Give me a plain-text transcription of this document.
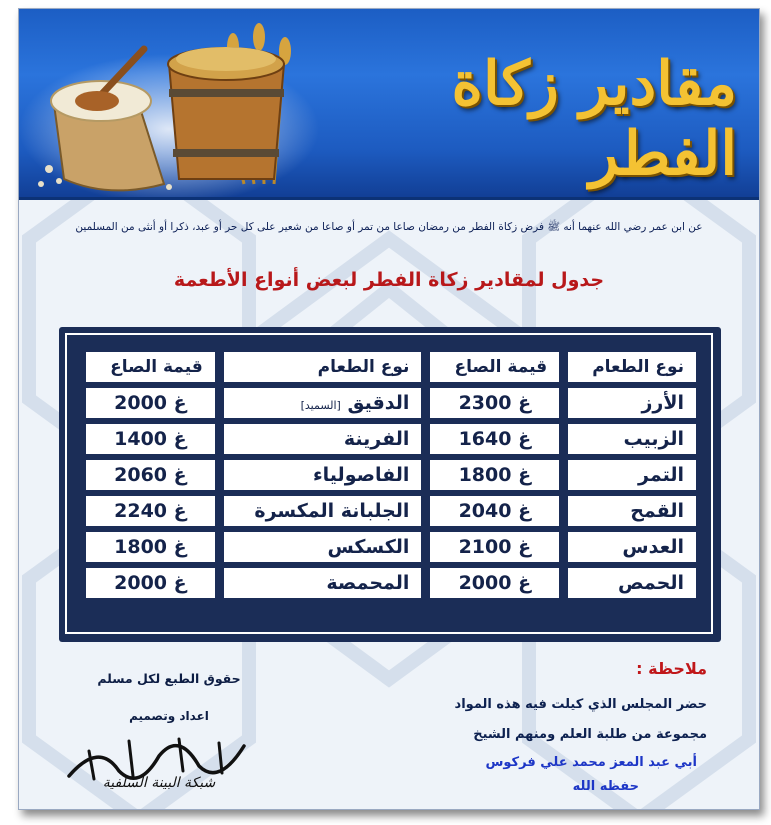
مقادير زكاة الفطر
عن ابن عمر رضي الله عنهما أنه ﷺ فرض زكاة الفطر من رمضان صاعا من تمر أو صاعا من شعير على كل حر أو عبد، ذكرا أو أنثى من المسلمين
جدول لمقادير زكاة الفطر لبعض أنواع الأطعمة
نوع الطعام	قيمة الصاع	نوع الطعام	قيمة الصاع
الأرز	2300 غ	الدقيق [السميد]	2000 غ
الزبيب	1640 غ	الفرينة	1400 غ
التمر	1800 غ	الفاصولياء	2060 غ
القمح	2040 غ	الجلبانة المكسرة	2240 غ
العدس	2100 غ	الكسكس	1800 غ
الحمص	2000 غ	المحمصة	2000 غ
ملاحظة :
حضر المجلس الذي كيلت فيه هذه المواد
مجموعة من طلبة العلم ومنهم الشيخ
أبي عبد المعز محمد علي فركوس
حفظه الله
حقوق الطبع لكل مسلم
اعداد وتصميم
شبكة البينة السلفية
